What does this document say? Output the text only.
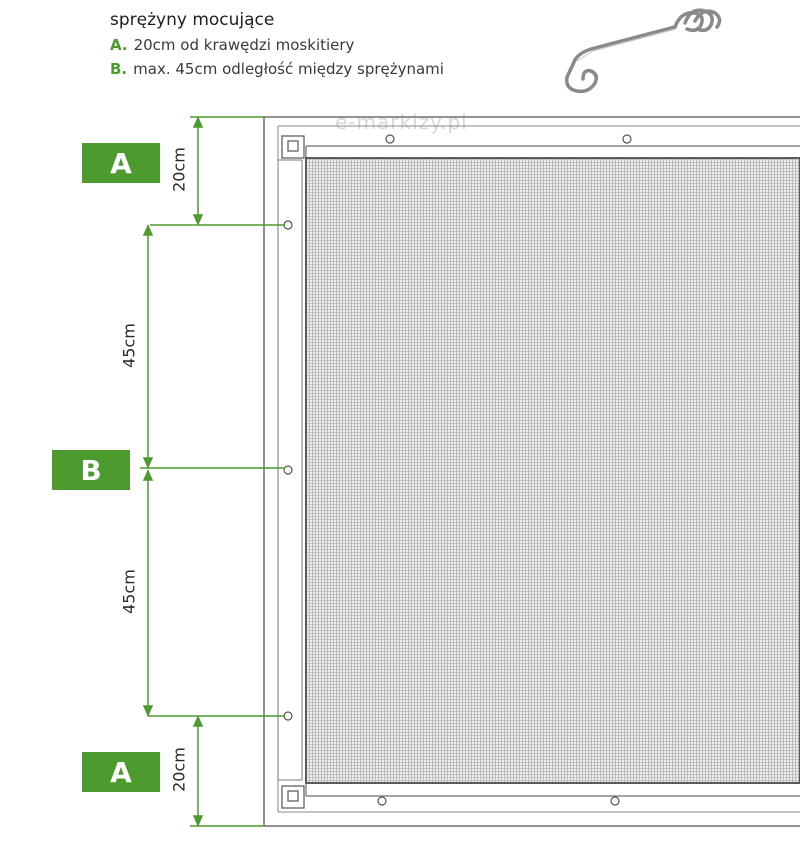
sprężyny mocujące
A. 20cm od krawędzi moskitiery
B. max. 45cm odległość między sprężynami
e-markizy.pl
A
B
A
20cm
45cm
45cm
20cm
